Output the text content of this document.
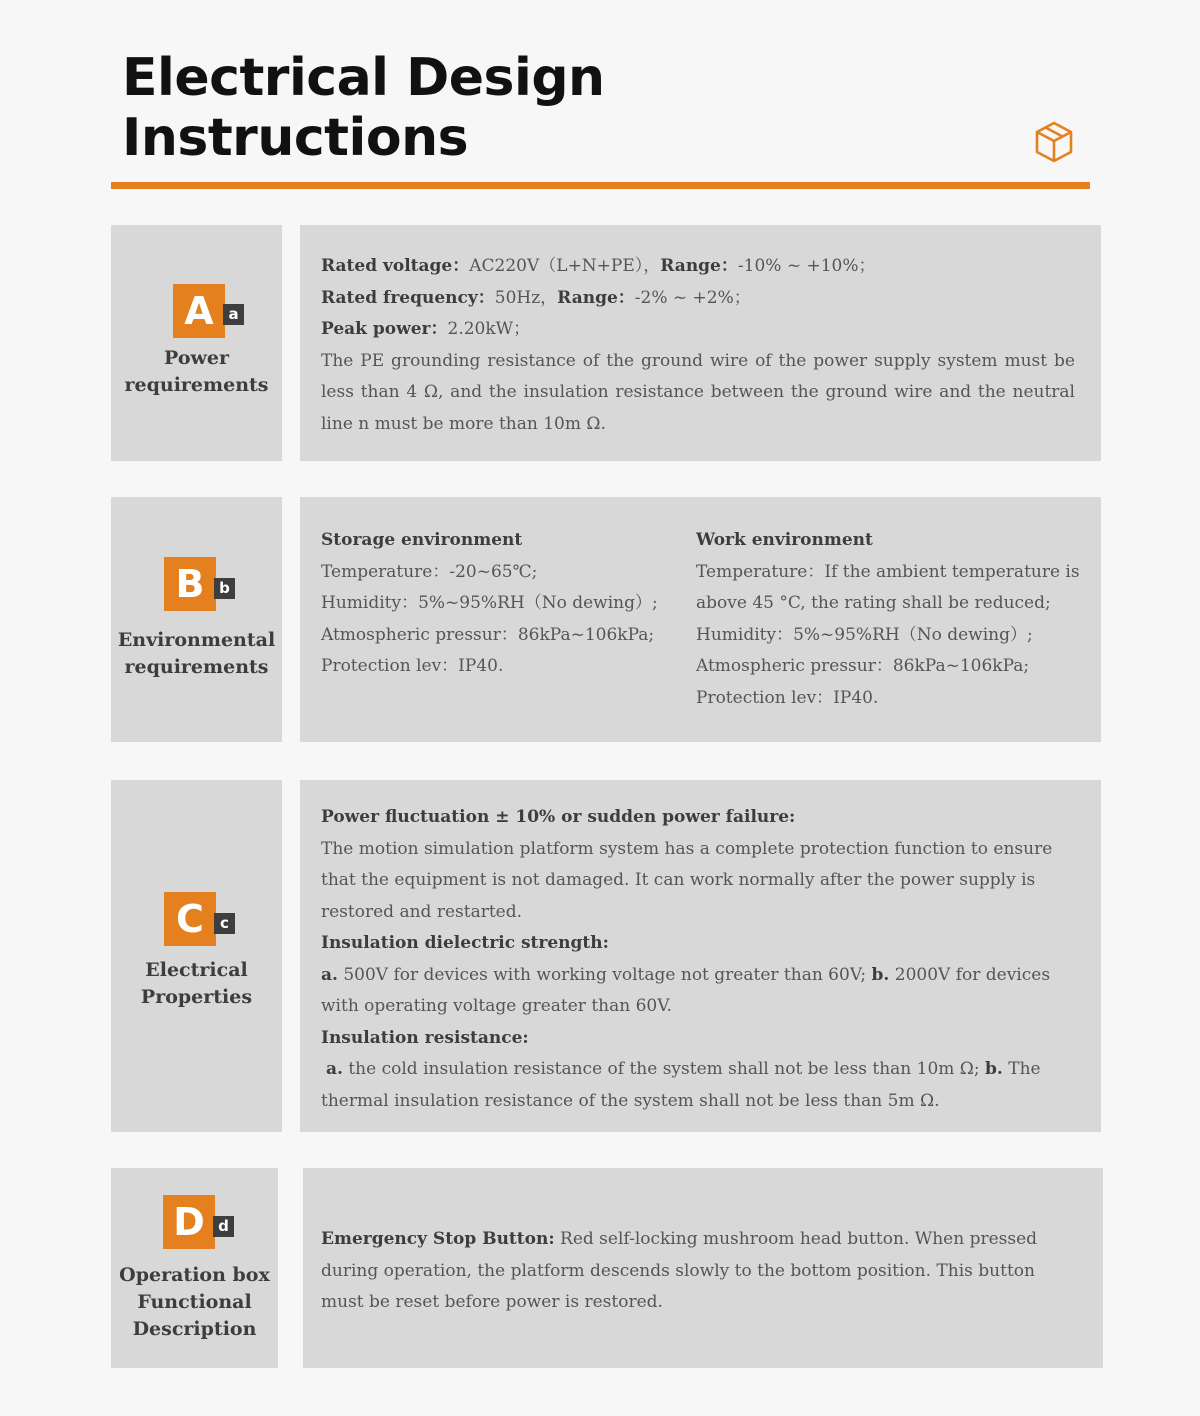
Electrical Design
Instructions
A a
Power
requirements
Rated voltage：AC220V（L+N+PE），Range：-10% ~ +10%；
Rated frequency：50Hz，Range：-2% ~ +2%；
Peak power：2.20kW；
The PE grounding resistance of the ground wire of the power supply system must be less than 4 Ω, and the insulation resistance between the ground wire and the neutral line n must be more than 10m Ω.
B b
Environmental
requirements
Storage environment
Temperature：-20~65℃;
Humidity：5%~95%RH（No dewing）;
Atmospheric pressur：86kPa~106kPa;
Protection lev：IP40.
Work environment
Temperature：If the ambient temperature is
above 45 °C, the rating shall be reduced;
Humidity：5%~95%RH（No dewing）;
Atmospheric pressur：86kPa~106kPa;
Protection lev：IP40.
C	c
Electrical
Properties
Power fluctuation ± 10% or sudden power failure:
The motion simulation platform system has a complete protection function to ensure that the equipment is not damaged. It can work normally after the power supply is restored and restarted.
Insulation dielectric strength:
a. 500V for devices with working voltage not greater than 60V; b. 2000V for devices with operating voltage greater than 60V.
Insulation resistance:
a. the cold insulation resistance of the system shall not be less than 10m Ω; b. The thermal insulation resistance of the system shall not be less than 5m Ω.
D d
Operation box
Functional
Description
Emergency Stop Button: Red self-locking mushroom head button. When pressed during operation, the platform descends slowly to the bottom position. This button must be reset before power is restored.
